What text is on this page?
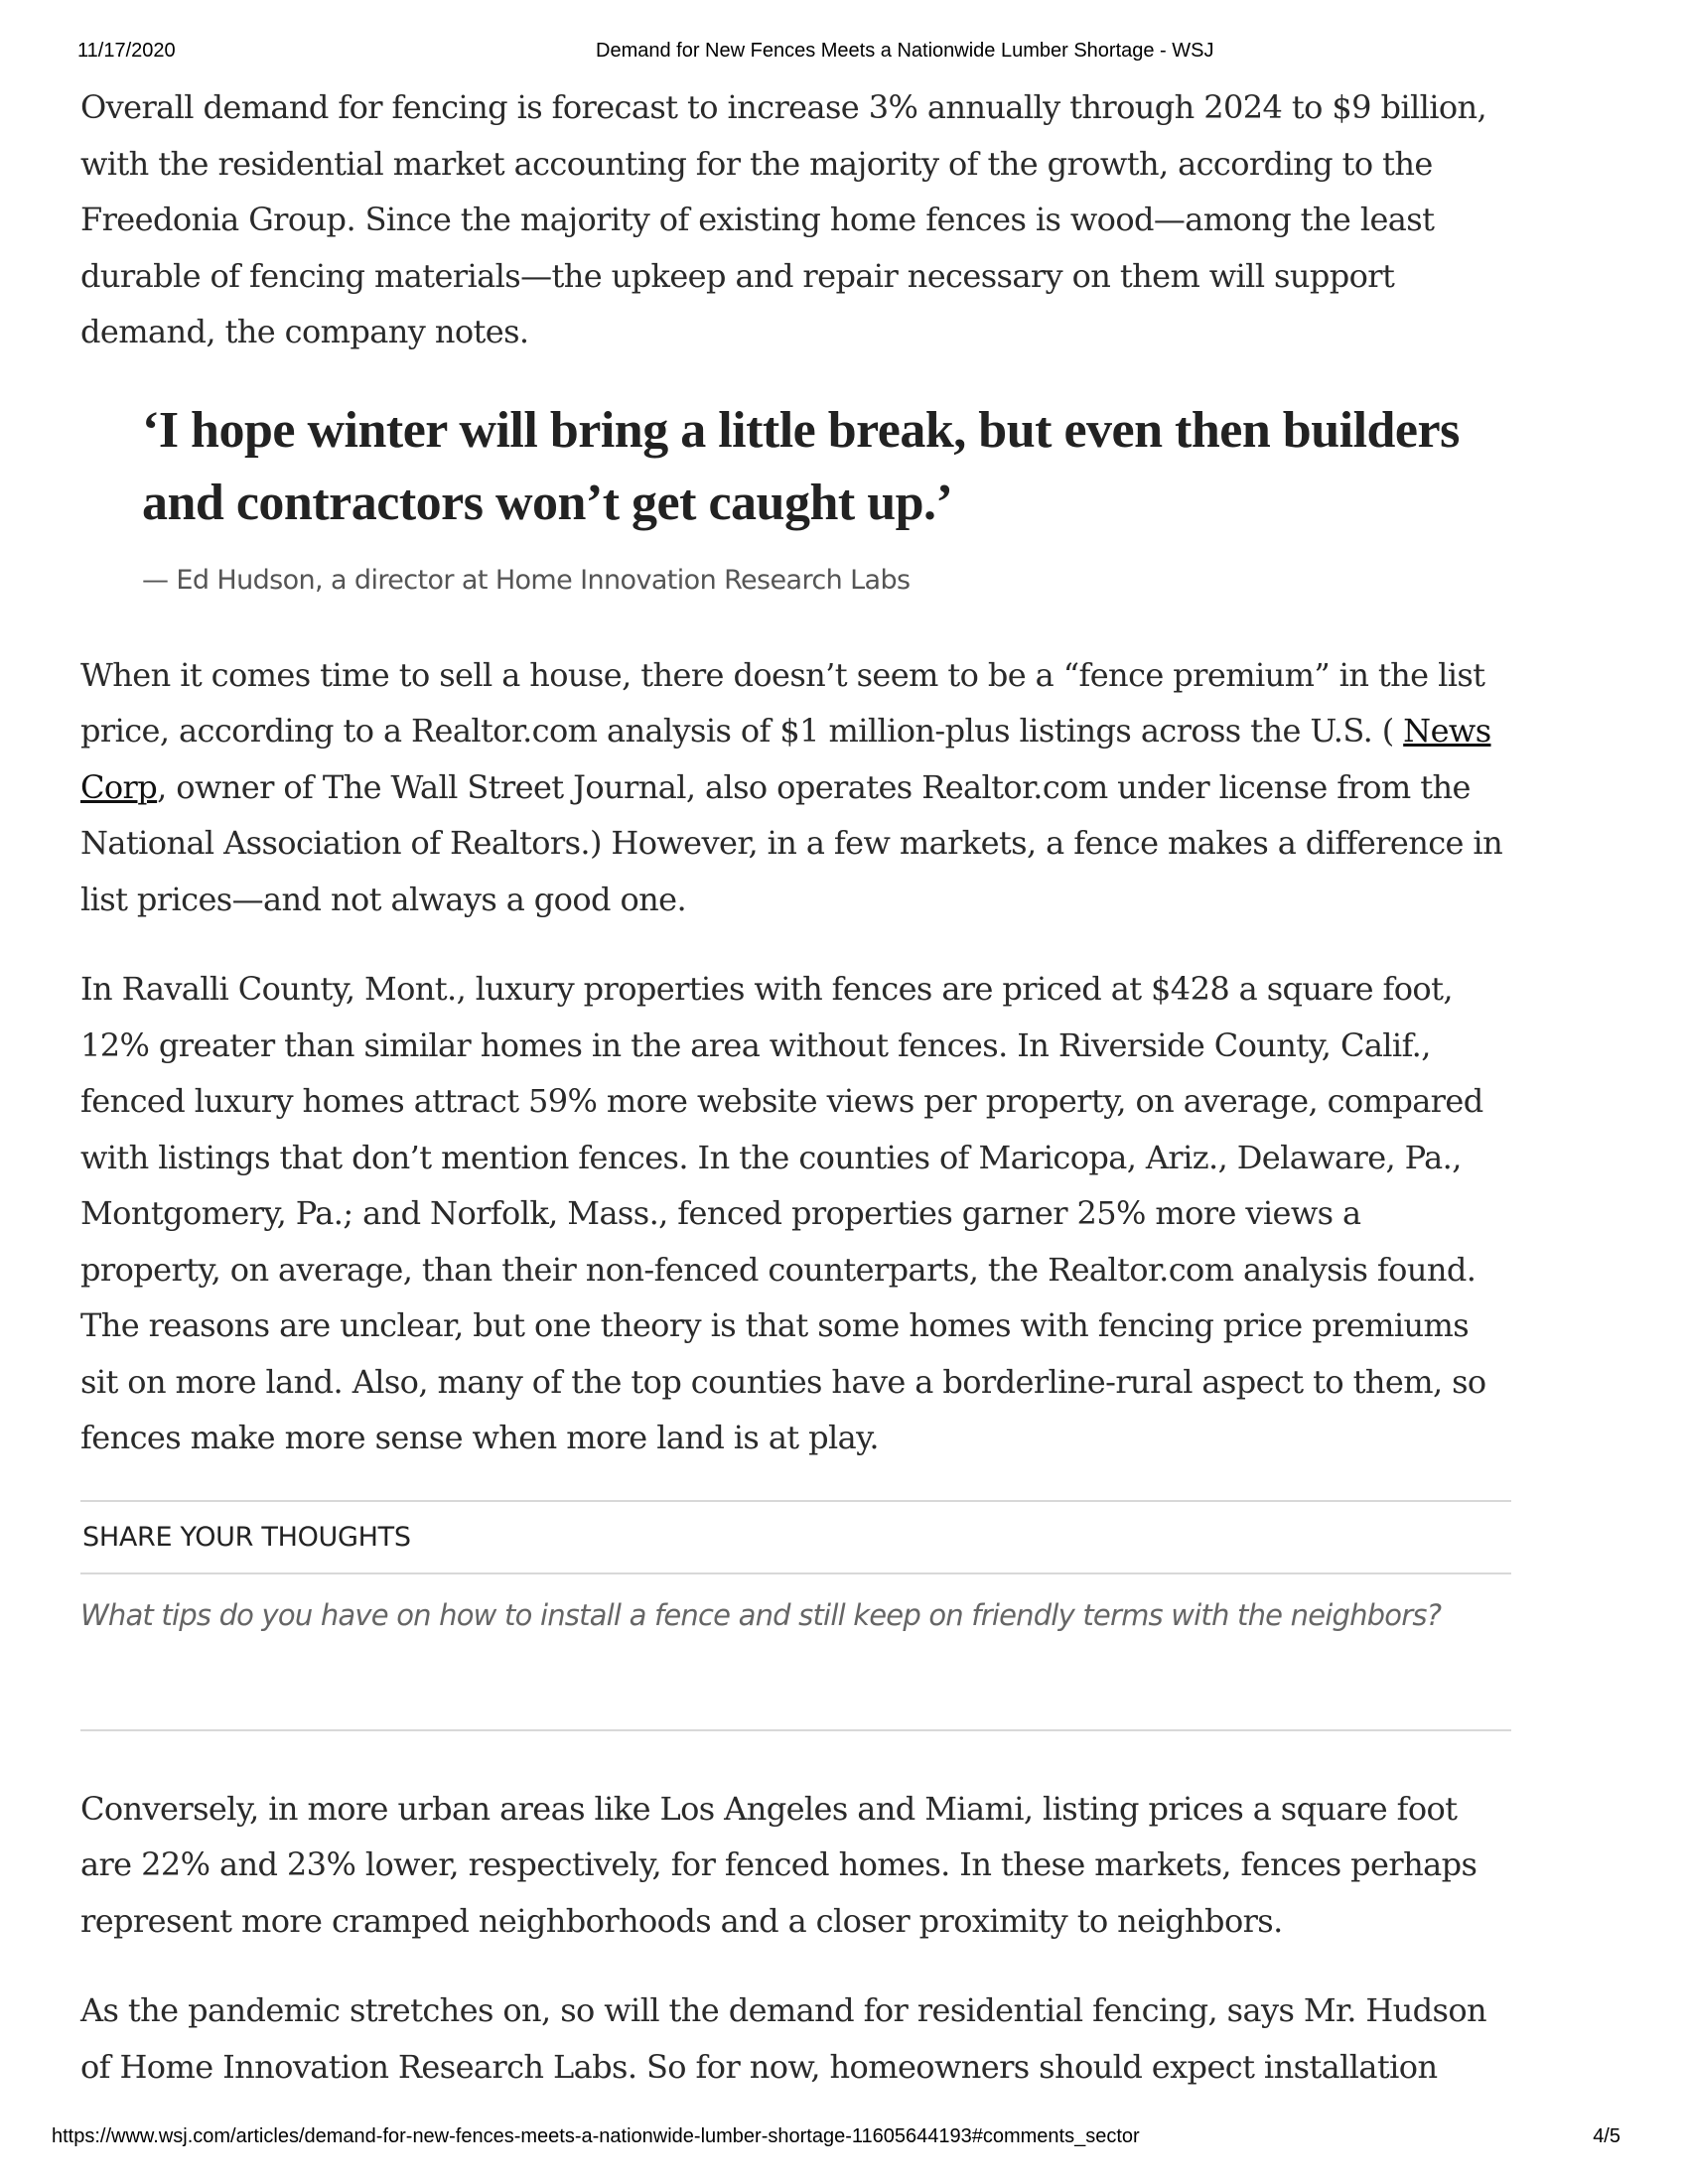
11/17/2020	Demand for New Fences Meets a Nationwide Lumber Shortage - WSJ

Overall demand for fencing is forecast to increase 3% annually through 2024 to $9 billion, with the residential market accounting for the majority of the growth, according to the Freedonia Group. Since the majority of existing home fences is wood—among the least durable of fencing materials—the upkeep and repair necessary on them will support demand, the company notes.

‘I hope winter will bring a little break, but even then builders and contractors won’t get caught up.’

— Ed Hudson, a director at Home Innovation Research Labs

When it comes time to sell a house, there doesn’t seem to be a “fence premium” in the list price, according to a Realtor.com analysis of $1 million-plus listings across the U.S. ( News Corp, owner of The Wall Street Journal, also operates Realtor.com under license from the National Association of Realtors.) However, in a few markets, a fence makes a difference in list prices—and not always a good one.

In Ravalli County, Mont., luxury properties with fences are priced at $428 a square foot, 12% greater than similar homes in the area without fences. In Riverside County, Calif., fenced luxury homes attract 59% more website views per property, on average, compared with listings that don’t mention fences. In the counties of Maricopa, Ariz., Delaware, Pa., Montgomery, Pa.; and Norfolk, Mass., fenced properties garner 25% more views a property, on average, than their non-fenced counterparts, the Realtor.com analysis found. The reasons are unclear, but one theory is that some homes with fencing price premiums sit on more land. Also, many of the top counties have a borderline-rural aspect to them, so fences make more sense when more land is at play.

SHARE YOUR THOUGHTS
What tips do you have on how to install a fence and still keep on friendly terms with the neighbors?

Conversely, in more urban areas like Los Angeles and Miami, listing prices a square foot are 22% and 23% lower, respectively, for fenced homes. In these markets, fences perhaps represent more cramped neighborhoods and a closer proximity to neighbors.

As the pandemic stretches on, so will the demand for residential fencing, says Mr. Hudson of Home Innovation Research Labs. So for now, homeowners should expect installation

https://www.wsj.com/articles/demand-for-new-fences-meets-a-nationwide-lumber-shortage-11605644193#comments_sector	4/5
